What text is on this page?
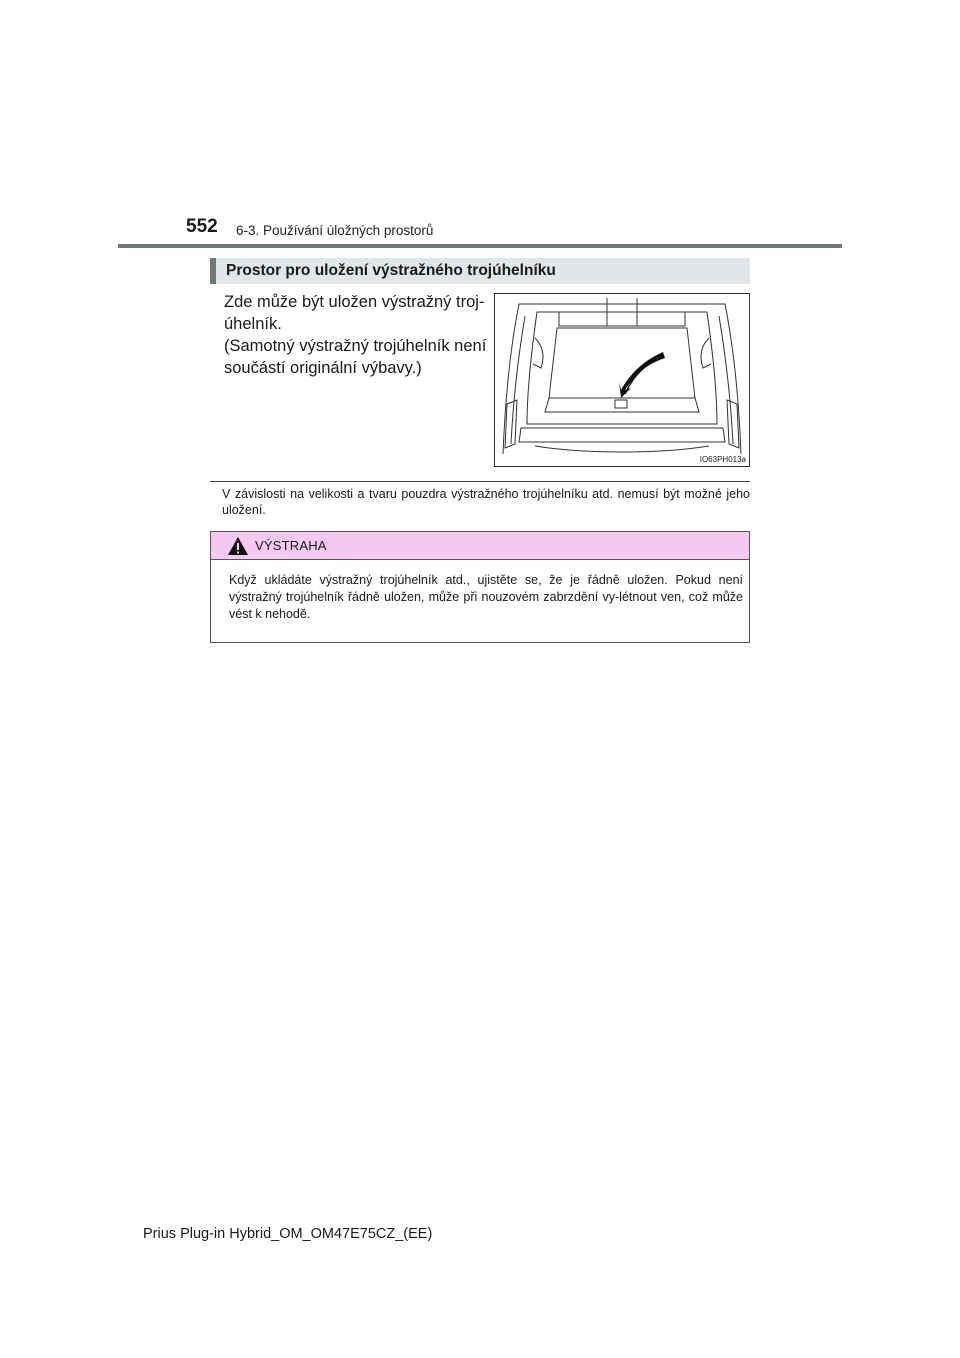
552 6-3. Používání úložných prostorů
Prostor pro uložení výstražného trojúhelníku

Zde může být uložen výstražný troj-úhelník.

(Samotný výstražný trojúhelník není součástí originální výbavy.)

IO63PH013a
V závislosti na velikosti a tvaru pouzdra výstražného trojúhelníku atd. nemusí být možné jeho uložení.
VÝSTRAHA
Když ukládáte výstražný trojúhelník atd., ujistěte se, že je řádně uložen. Pokud není výstražný trojúhelník řádně uložen, může při nouzovém zabrzdění vy-létnout ven, což může vést k nehodě.
Prius Plug-in Hybrid_OM_OM47E75CZ_(EE)
